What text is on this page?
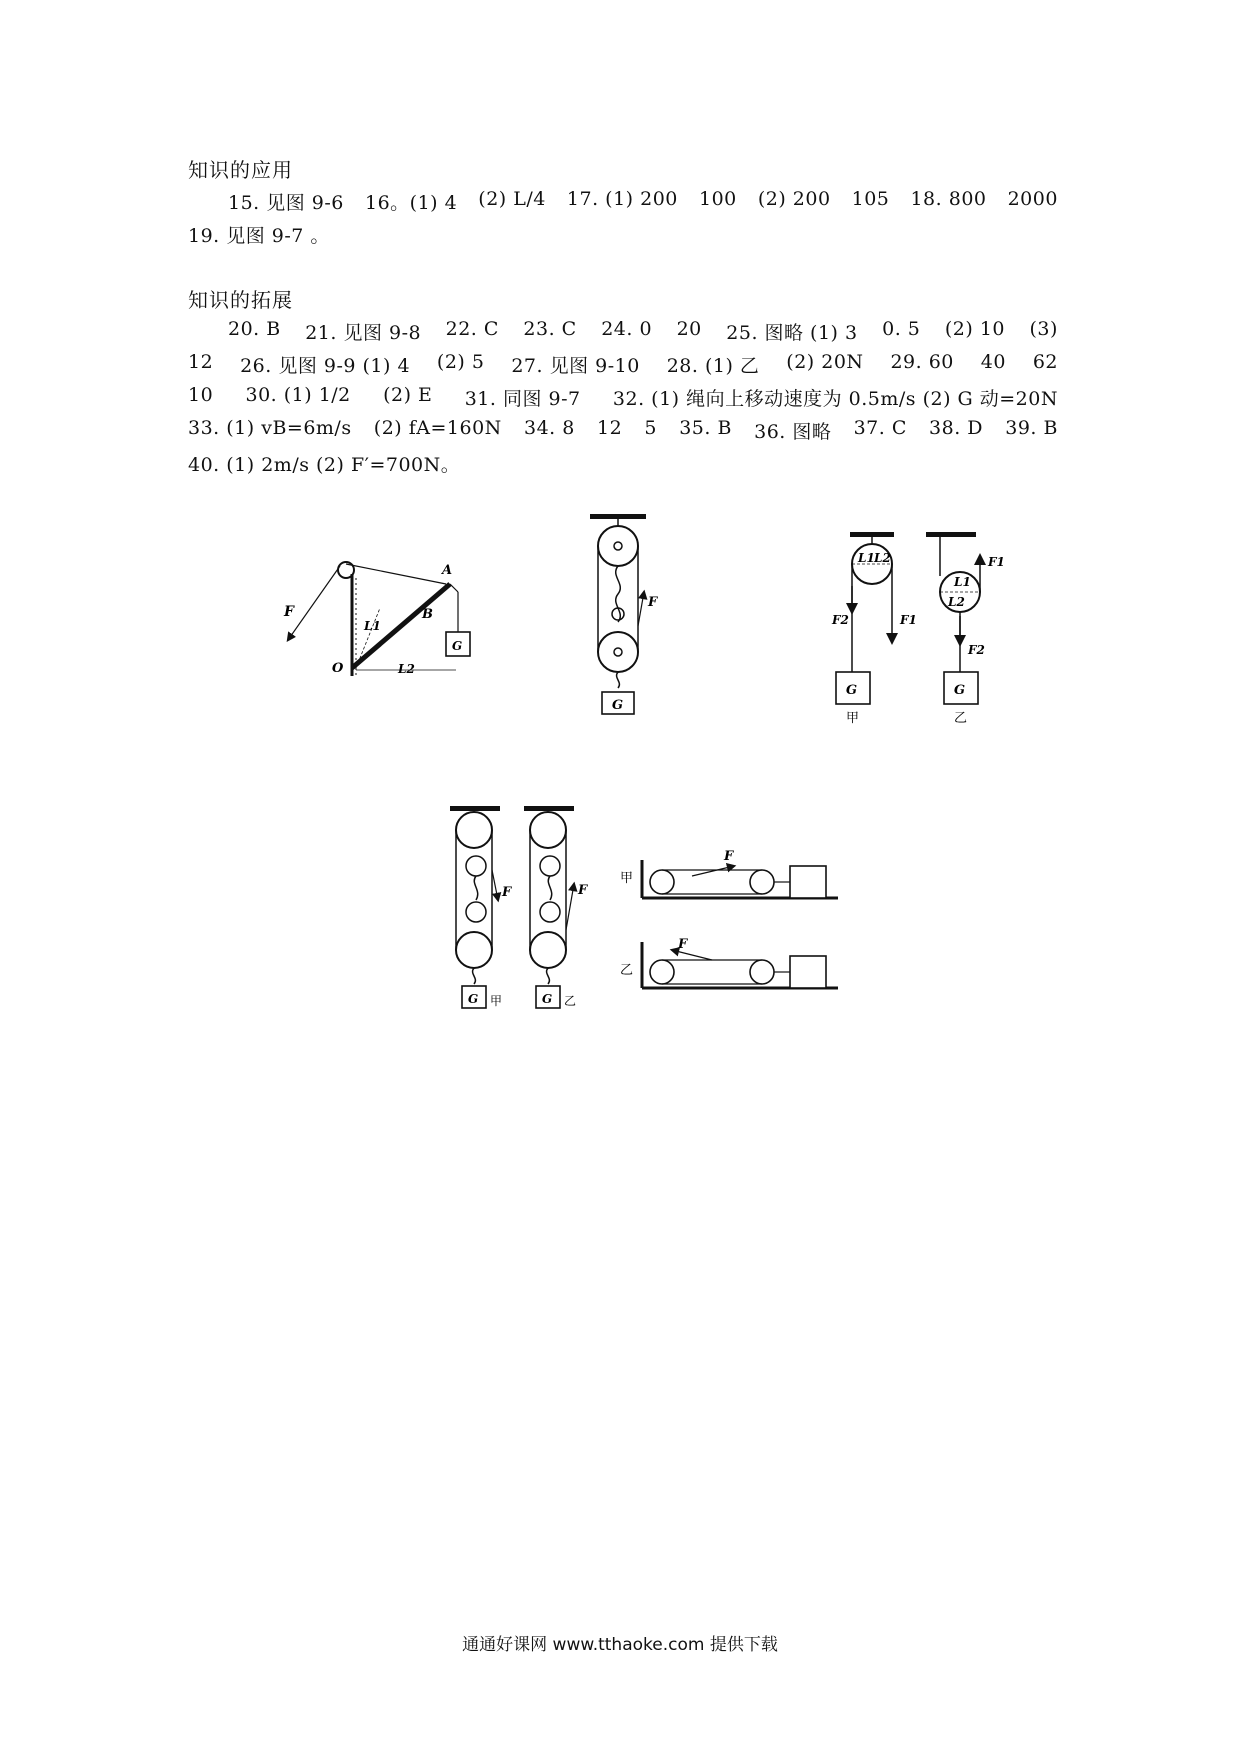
知识的应用
15. 见图 9-6 16。(1) 4 (2) L/4 17. (1) 200 100 (2) 200 105 18. 800 2000
19. 见图 9-7 。
知识的拓展
20. B 21. 见图 9-8 22. C 23. C 24. 0 20 25. 图略 (1) 3 0. 5 (2) 10 (3)
12 26. 见图 9-9 (1) 4 (2) 5 27. 见图 9-10 28. (1) 乙 (2) 20N 29. 60 40 62
10 30. (1) 1/2 (2) E 31. 同图 9-7 32. (1) 绳向上移动速度为 0.5m/s (2) G 动=20N
33. (1) vB=6m/s (2) fA=160N 34. 8 12 5 35. B 36. 图略 37. C 38. D 39. B
40. (1) 2m/s (2) F′=700N。
F
A
B
O
L1
L2
G
F
G
L1 L2
F2	F1
G
甲
L1
L2
F1
F2
G
乙
F
G 甲
F
G 乙
F
甲
F
乙
通通好课网 www.tthaoke.com 提供下载
